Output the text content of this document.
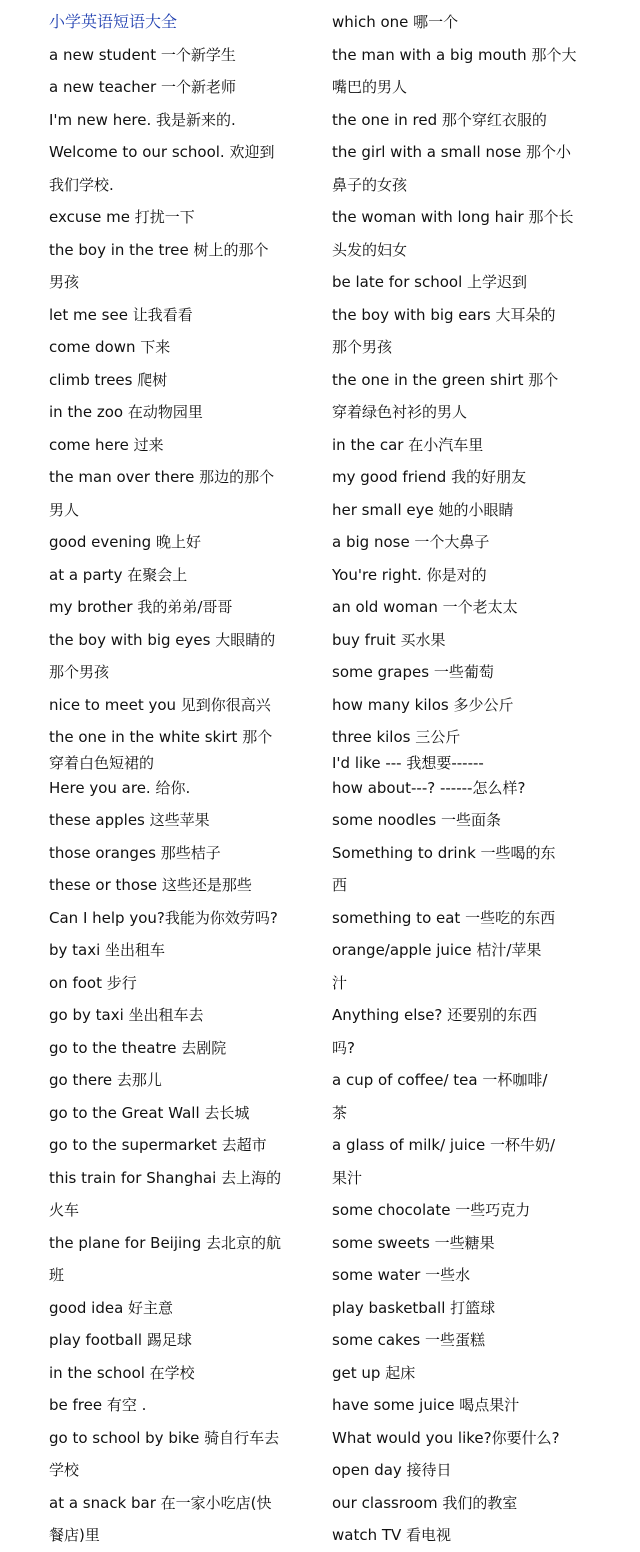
小学英语短语大全
a new student 一个新学生
a new teacher 一个新老师
I'm new here. 我是新来的.
Welcome to our school. 欢迎到
我们学校.
excuse me 打扰一下
the boy in the tree 树上的那个
男孩
let me see 让我看看
come down 下来
climb trees 爬树
in the zoo 在动物园里
come here 过来
the man over there 那边的那个
男人
good evening 晚上好
at a party 在聚会上
my brother 我的弟弟/哥哥
the boy with big eyes 大眼睛的
那个男孩
nice to meet you 见到你很高兴
the one in the white skirt 那个
穿着白色短裙的
Here you are. 给你.
these apples 这些苹果
those oranges 那些桔子
these or those 这些还是那些
Can I help you?我能为你效劳吗?
by taxi 坐出租车
on foot 步行
go by taxi 坐出租车去
go to the theatre 去剧院
go there 去那儿
go to the Great Wall 去长城
go to the supermarket 去超市
this train for Shanghai 去上海的
火车
the plane for Beijing 去北京的航
班
good idea 好主意
play football 踢足球
in the school 在学校
be free 有空 .
go to school by bike 骑自行车去
学校
at a snack bar 在一家小吃店(快
餐店)里
which one 哪一个
the man with a big mouth 那个大
嘴巴的男人
the one in red 那个穿红衣服的
the girl with a small nose 那个小
鼻子的女孩
the woman with long hair 那个长
头发的妇女
be late for school 上学迟到
the boy with big ears 大耳朵的
那个男孩
the one in the green shirt 那个
穿着绿色衬衫的男人
in the car 在小汽车里
my good friend 我的好朋友
her small eye 她的小眼睛
a big nose 一个大鼻子
You're right. 你是对的
an old woman 一个老太太
buy fruit 买水果
some grapes 一些葡萄
how many kilos 多少公斤
three kilos 三公斤
I'd like --- 我想要------
how about---? ------怎么样?
some noodles 一些面条
Something to drink 一些喝的东
西
something to eat 一些吃的东西
orange/apple juice 桔汁/苹果
汁
Anything else? 还要别的东西
吗?
a cup of coffee/ tea 一杯咖啡/
茶
a glass of milk/ juice 一杯牛奶/
果汁
some chocolate 一些巧克力
some sweets 一些糖果
some water 一些水
play basketball 打篮球
some cakes 一些蛋糕
get up 起床
have some juice 喝点果汁
What would you like?你要什么?
open day 接待日
our classroom 我们的教室
watch TV 看电视
